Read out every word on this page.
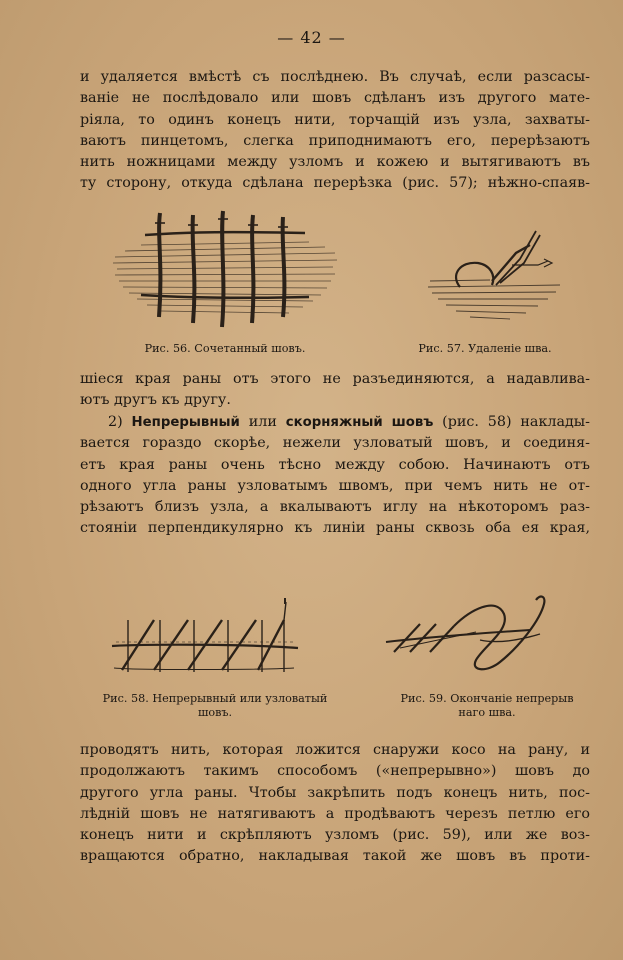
— 42 —
и удаляется вмѣстѣ съ послѣднею. Въ случаѣ, если разсасы-
ваніе не послѣдовало или шовъ сдѣланъ изъ другого мате-
ріяла, то одинъ конецъ нити, торчащій изъ узла, захваты-
ваютъ пинцетомъ, слегка приподнимаютъ его, перерѣзаютъ
нить ножницами между узломъ и кожею и вытягиваютъ въ
ту сторону, откуда сдѣлана перерѣзка (рис. 57); нѣжно-спаяв-
Рис. 56. Сочетанный шовъ.	Рис. 57. Удаленіе шва.
шіеся края раны отъ этого не разъединяются, а надавлива-
ютъ другъ къ другу.
2) Непрерывный или скорняжный шовъ (рис. 58) наклады-
вается гораздо скорѣе, нежели узловатый шовъ, и соединя-
етъ края раны очень тѣсно между собою. Начинаютъ отъ
одного угла раны узловатымъ швомъ, при чемъ нить не от-
рѣзаютъ близъ узла, а вкалываютъ иглу на нѣкоторомъ раз-
стояніи перпендикулярно къ линіи раны сквозь оба ея края,
Рис. 58. Непрерывный или узловатый
шовъ.
Рис. 59. Окончаніе непрерыв
наго шва.
проводятъ нить, которая ложится снаружи косо на рану, и
продолжаютъ такимъ способомъ («непрерывно») шовъ до
другого угла раны. Чтобы закрѣпить подъ конецъ нить, пос-
лѣдній шовъ не натягиваютъ а продѣваютъ черезъ петлю его
конецъ нити и скрѣпляютъ узломъ (рис. 59), или же воз-
вращаются обратно, накладывая такой же шовъ въ проти-
